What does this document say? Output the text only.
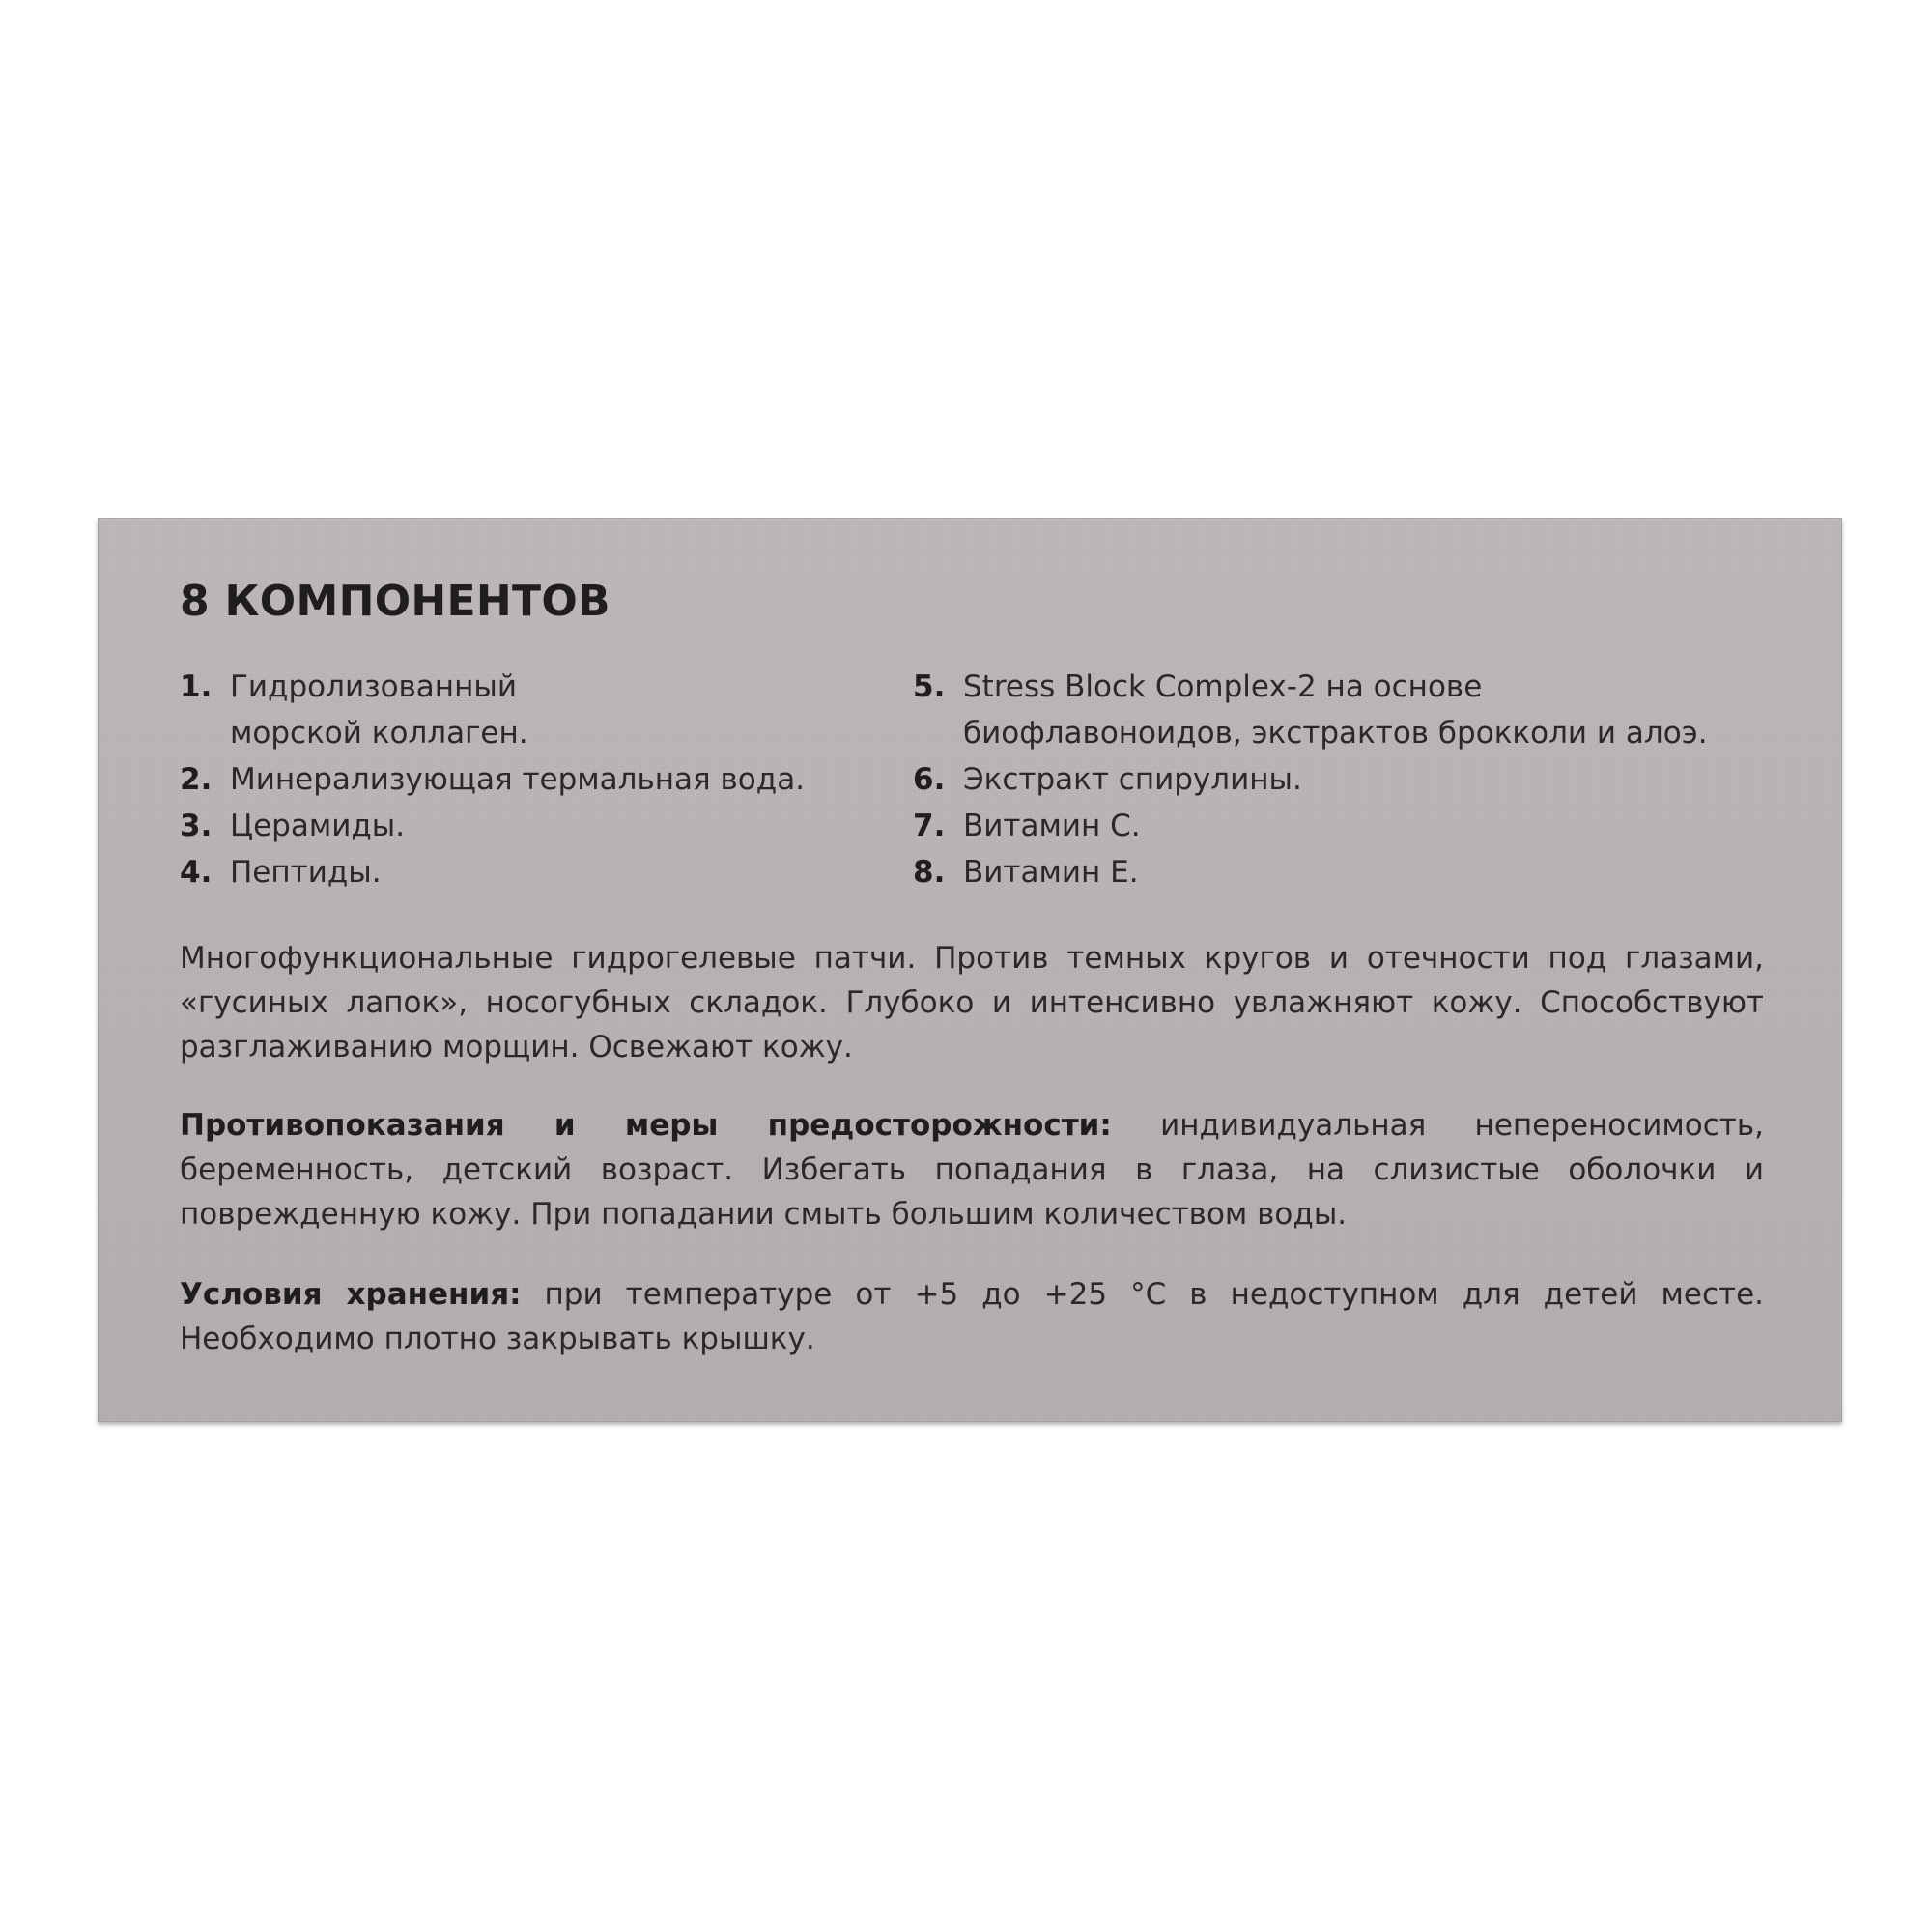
8 КОМПОНЕНТОВ
1. Гидролизованный
морской коллаген.
2. Минерализующая термальная вода.
3. Церамиды.
4. Пептиды.
5. Stress Block Complex-2 на основе
биофлавоноидов, экстрактов брокколи и алоэ.
6. Экстракт спирулины.
7. Витамин С.
8. Витамин Е.

Многофункциональные гидрогелевые патчи. Против темных кругов и отечности под глазами, «гусиных лапок», носогубных складок. Глубоко и интенсивно увлажняют кожу. Способствуют разглаживанию морщин. Освежают кожу.

Противопоказания и меры предосторожности: индивидуальная непереносимость, беременность, детский возраст. Избегать попадания в глаза, на слизистые оболочки и поврежденную кожу. При попадании смыть большим количеством воды.

Условия хранения: при температуре от +5 до +25 °С в недоступном для детей месте. Необходимо плотно закрывать крышку.
